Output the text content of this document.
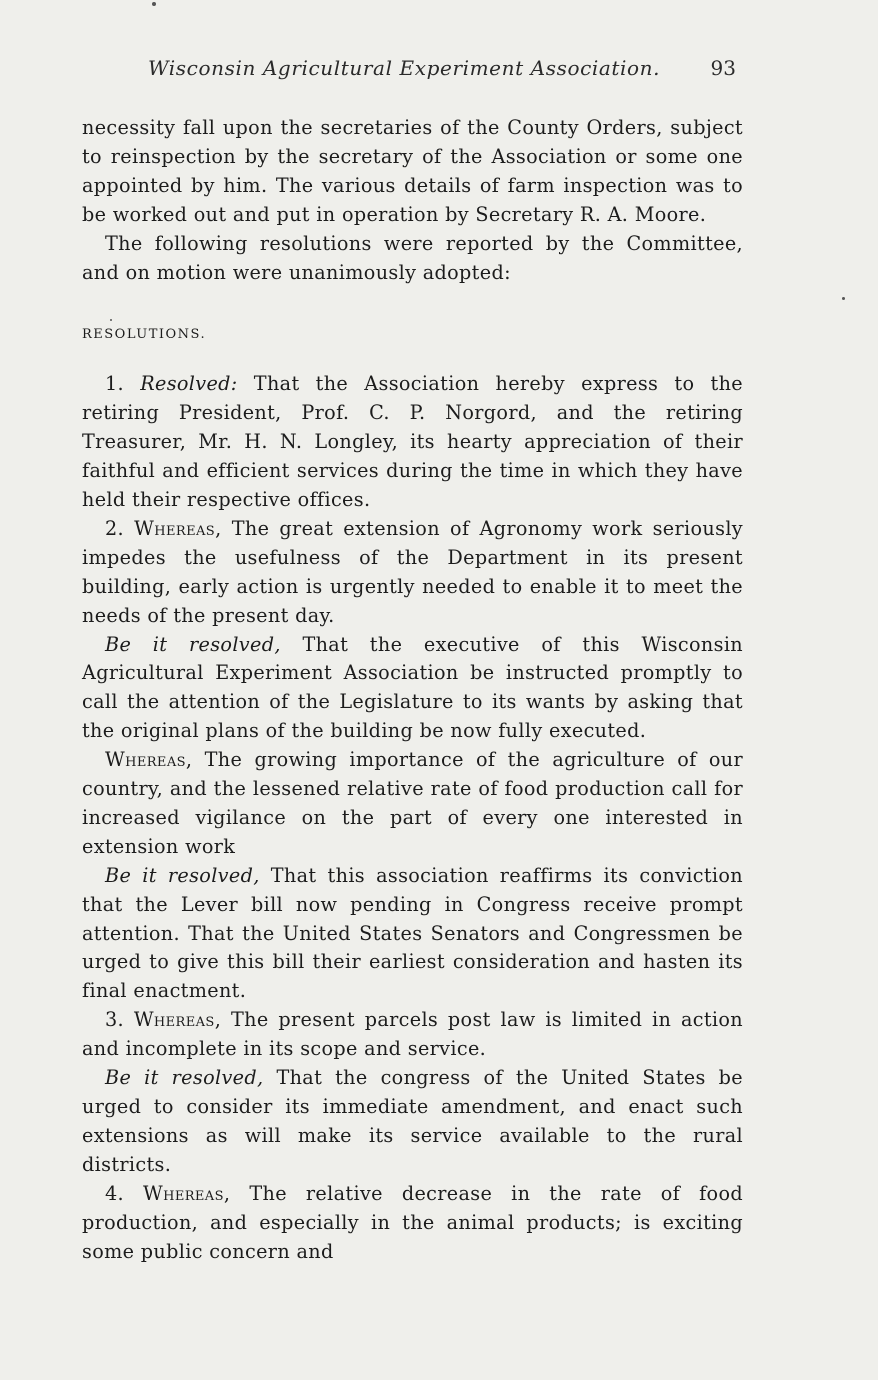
Wisconsin Agricultural Experiment Association.	93

necessity fall upon the secretaries of the County Orders, subject to reinspection by the secretary of the Association or some one appointed by him. The various details of farm inspection was to be worked out and put in operation by Secretary R. A. Moore.

The following resolutions were reported by the Committee, and on motion were unanimously adopted:

RESOLUTIONS.

1. Resolved: That the Association hereby express to the retiring President, Prof. C. P. Norgord, and the retiring Treasurer, Mr. H. N. Longley, its hearty appreciation of their faithful and efficient services during the time in which they have held their respective offices.

2. Whereas, The great extension of Agronomy work seriously impedes the usefulness of the Department in its present building, early action is urgently needed to enable it to meet the needs of the present day.

Be it resolved, That the executive of this Wisconsin Agricultural Experiment Association be instructed promptly to call the attention of the Legislature to its wants by asking that the original plans of the building be now fully executed.

Whereas, The growing importance of the agriculture of our country, and the lessened relative rate of food production call for increased vigilance on the part of every one interested in extension work

Be it resolved, That this association reaffirms its conviction that the Lever bill now pending in Congress receive prompt attention. That the United States Senators and Congressmen be urged to give this bill their earliest consideration and hasten its final enactment.

3. Whereas, The present parcels post law is limited in action and incomplete in its scope and service.

Be it resolved, That the congress of the United States be urged to consider its immediate amendment, and enact such extensions as will make its service available to the rural districts.

4. Whereas, The relative decrease in the rate of food production, and especially in the animal products; is exciting some public concern and
